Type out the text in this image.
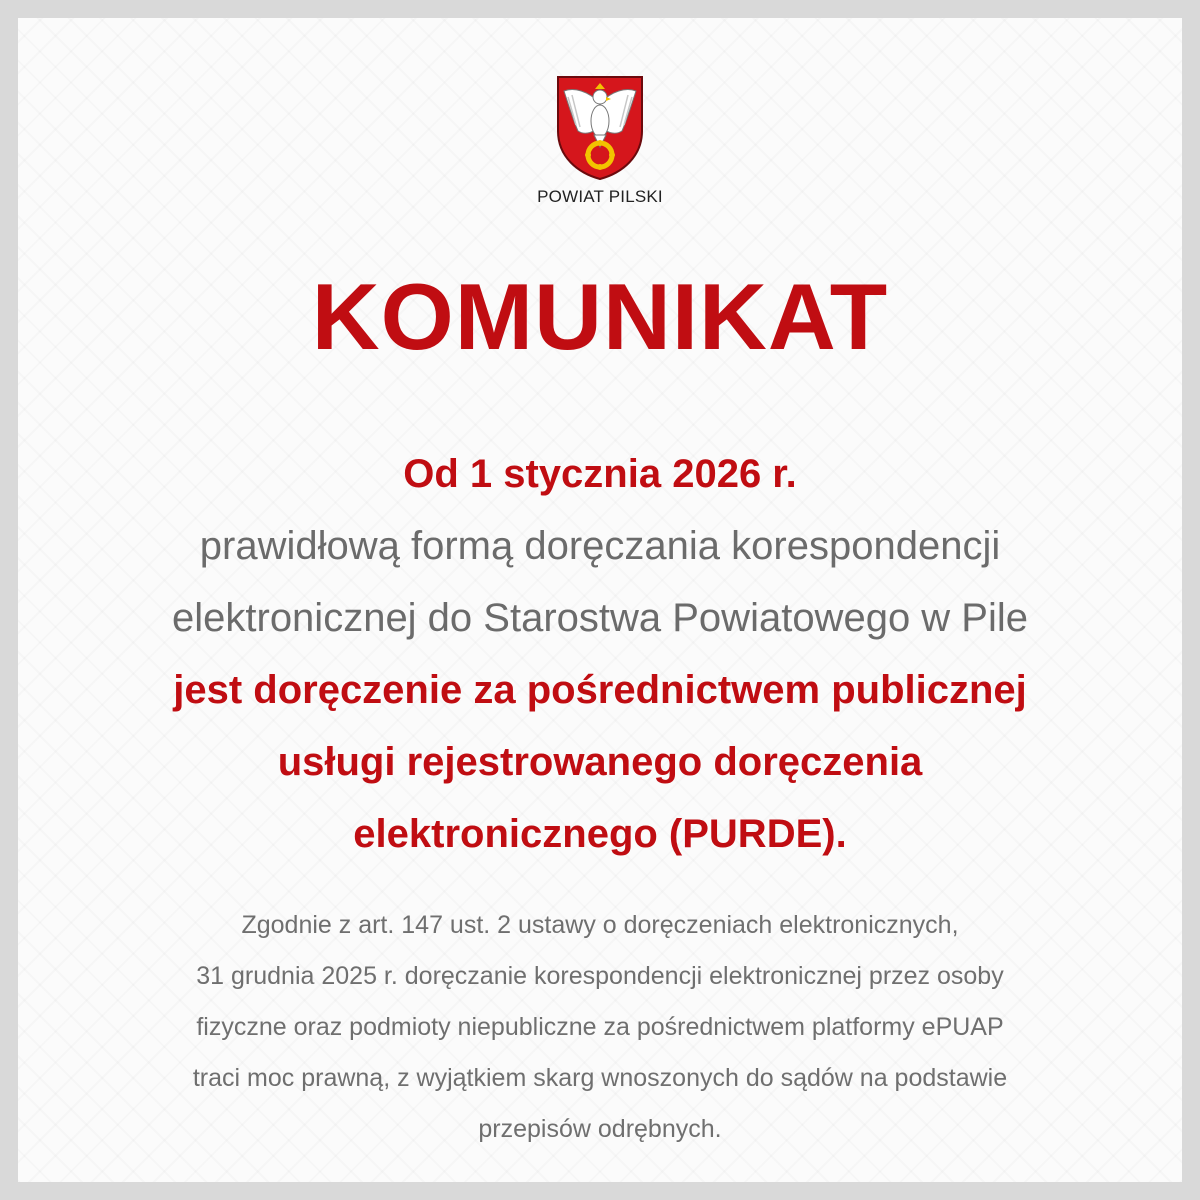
POWIAT PILSKI
KOMUNIKAT
Od 1 stycznia 2026 r.
prawidłową formą doręczania korespondencji
elektronicznej do Starostwa Powiatowego w Pile
jest doręczenie za pośrednictwem publicznej
usługi rejestrowanego doręczenia
elektronicznego (PURDE).
Zgodnie z art. 147 ust. 2 ustawy o doręczeniach elektronicznych,
31 grudnia 2025 r. doręczanie korespondencji elektronicznej przez osoby
fizyczne oraz podmioty niepubliczne za pośrednictwem platformy ePUAP
traci moc prawną, z wyjątkiem skarg wnoszonych do sądów na podstawie
przepisów odrębnych.
